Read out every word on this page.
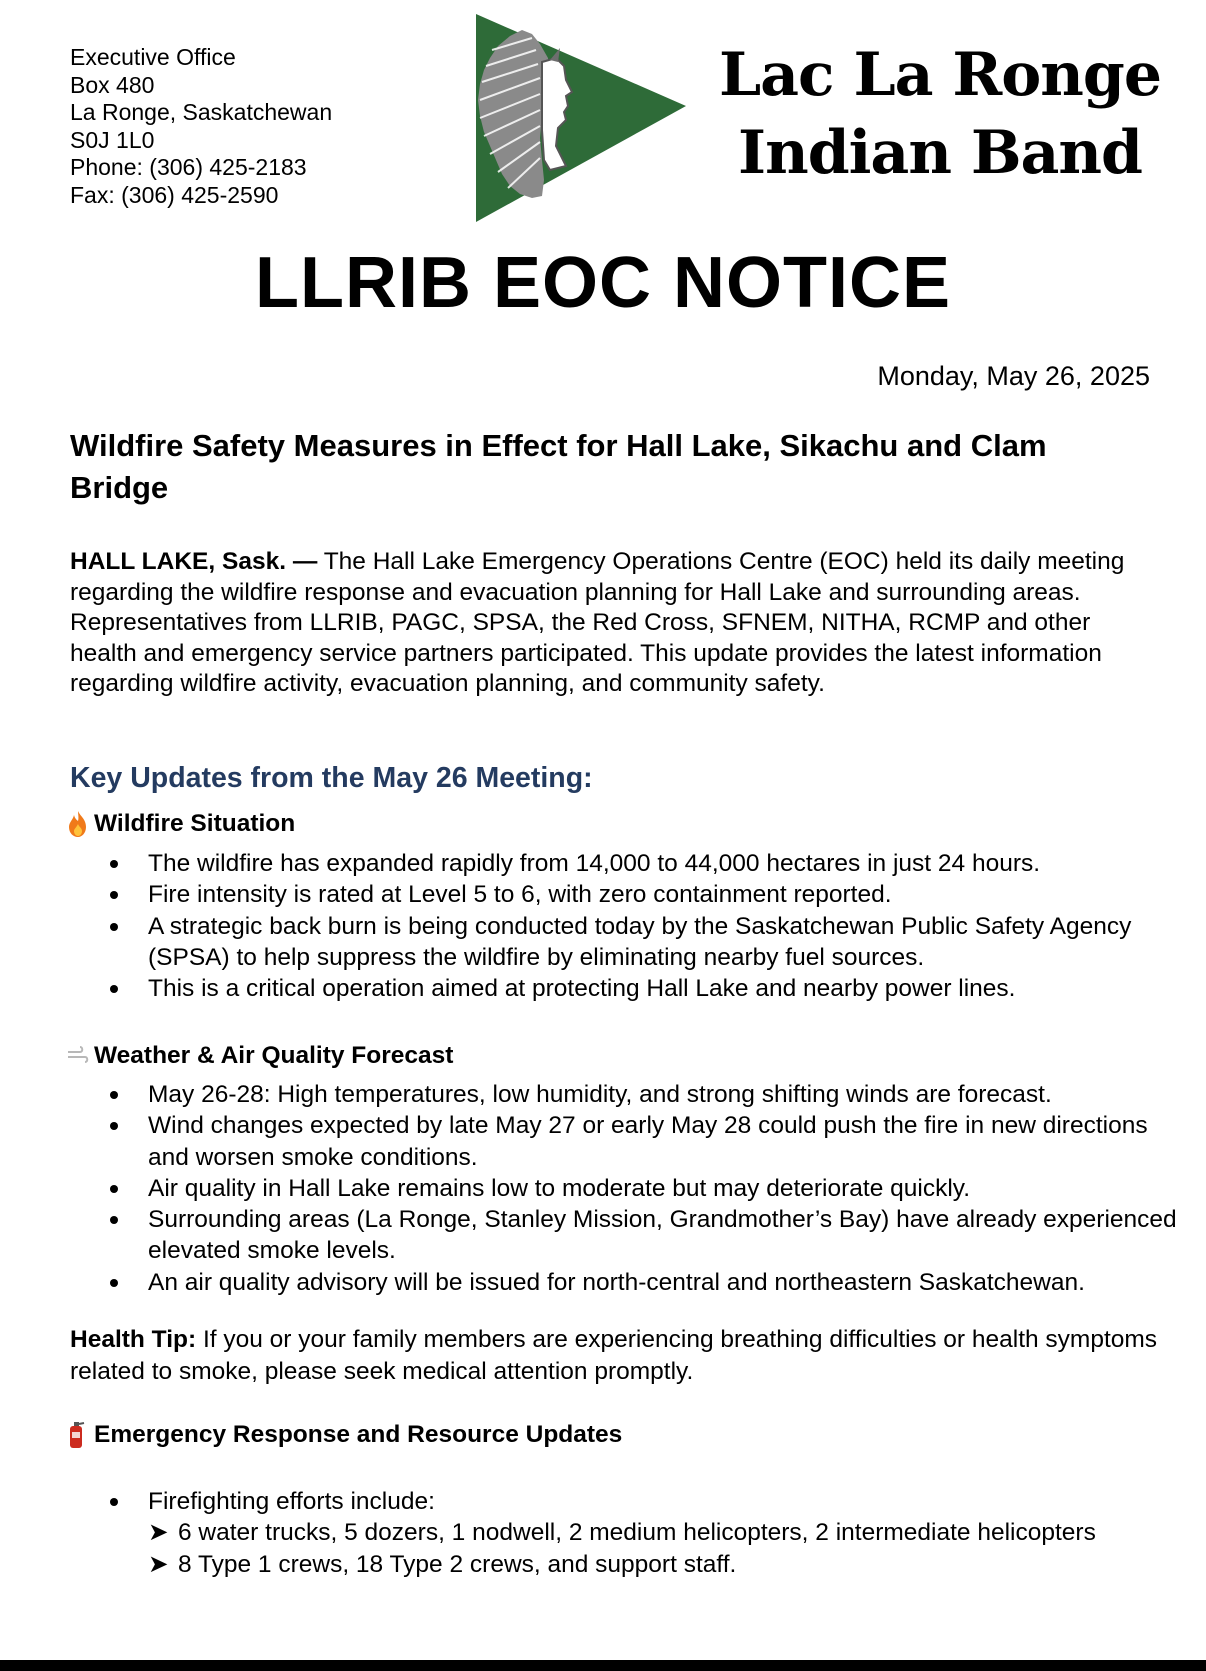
Executive Office
Box 480
La Ronge, Saskatchewan
S0J 1L0
Phone: (306) 425-2183
Fax: (306) 425-2590
Lac La Ronge
Indian Band
LLRIB EOC NOTICE
Monday, May 26, 2025
Wildfire Safety Measures in Effect for Hall Lake, Sikachu and Clam Bridge
HALL LAKE, Sask. — The Hall Lake Emergency Operations Centre (EOC) held its daily meeting regarding the wildfire response and evacuation planning for Hall Lake and surrounding areas. Representatives from LLRIB, PAGC, SPSA, the Red Cross, SFNEM, NITHA, RCMP and other health and emergency service partners participated. This update provides the latest information regarding wildfire activity, evacuation planning, and community safety.
Key Updates from the May 26 Meeting:
Wildfire Situation
The wildfire has expanded rapidly from 14,000 to 44,000 hectares in just 24 hours.
Fire intensity is rated at Level 5 to 6, with zero containment reported.
A strategic back burn is being conducted today by the Saskatchewan Public Safety Agency (SPSA) to help suppress the wildfire by eliminating nearby fuel sources.
This is a critical operation aimed at protecting Hall Lake and nearby power lines.
Weather & Air Quality Forecast
May 26-28: High temperatures, low humidity, and strong shifting winds are forecast.
Wind changes expected by late May 27 or early May 28 could push the fire in new directions and worsen smoke conditions.
Air quality in Hall Lake remains low to moderate but may deteriorate quickly.
Surrounding areas (La Ronge, Stanley Mission, Grandmother’s Bay) have already experienced elevated smoke levels.
An air quality advisory will be issued for north-central and northeastern Saskatchewan.
Health Tip: If you or your family members are experiencing breathing difficulties or health symptoms related to smoke, please seek medical attention promptly.
Emergency Response and Resource Updates
Firefighting efforts include:
➤ 6 water trucks, 5 dozers, 1 nodwell, 2 medium helicopters, 2 intermediate helicopters
➤ 8 Type 1 crews, 18 Type 2 crews, and support staff.
